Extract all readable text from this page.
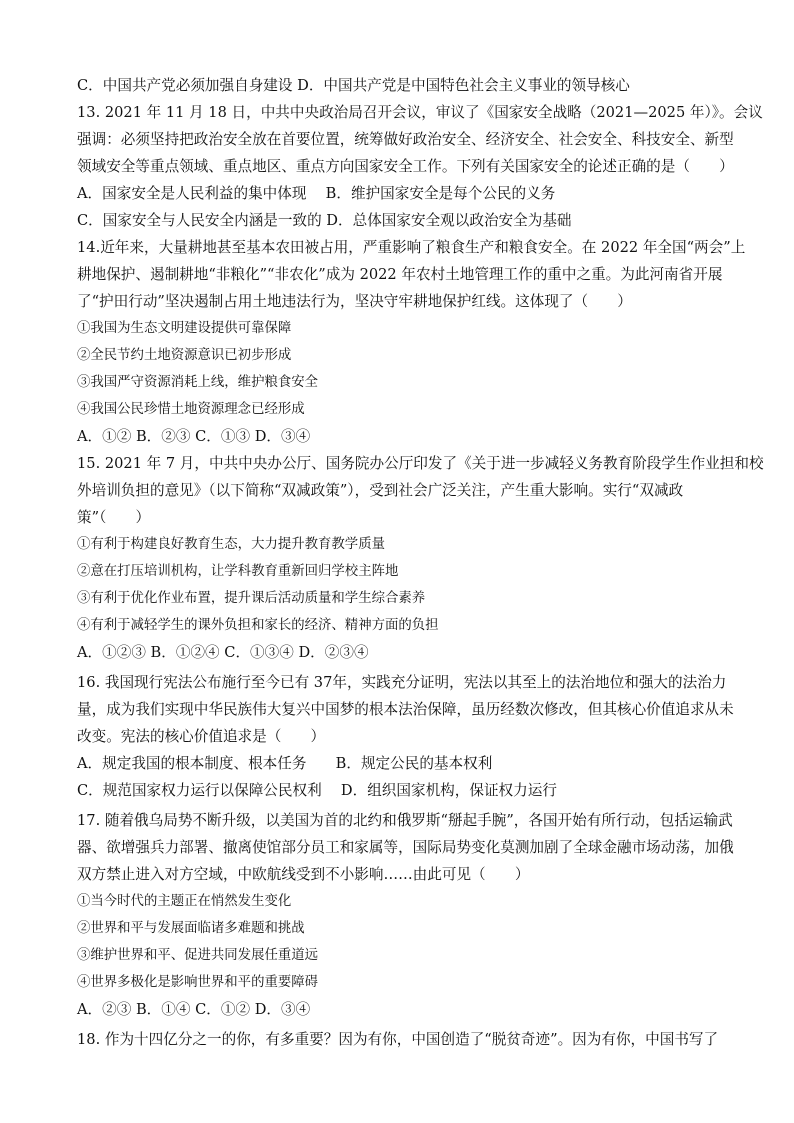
C．中国共产党必须加强自身建设 D．中国共产党是中国特色社会主义事业的领导核心
13. 2021 年 11 月 18 日，中共中央政治局召开会议，审议了《国家安全战略（2021—2025 年）》。会议
强调：必须坚持把政治安全放在首要位置，统筹做好政治安全、经济安全、社会安全、科技安全、新型
领域安全等重点领域、重点地区、重点方向国家安全工作。下列有关国家安全的论述正确的是（　　）
A．国家安全是人民利益的集中体现　 B．维护国家安全是每个公民的义务
C．国家安全与人民安全内涵是一致的 D．总体国家安全观以政治安全为基础
14.近年来，大量耕地甚至基本农田被占用，严重影响了粮食生产和粮食安全。在 2022 年全国“两会”上
耕地保护、遏制耕地“非粮化”“非农化”成为 2022 年农村土地管理工作的重中之重。为此河南省开展
了“护田行动”坚决遏制占用土地违法行为，坚决守牢耕地保护红线。这体现了（　　）
①我国为生态文明建设提供可靠保障
②全民节约土地资源意识已初步形成
③我国严守资源消耗上线，维护粮食安全
④我国公民珍惜土地资源理念已经形成
A．①② B．②③ C．①③ D．③④
15. 2021 年 7 月，中共中央办公厅、国务院办公厅印发了《关于进一步减轻义务教育阶段学生作业担和校
外培训负担的意见》（以下简称“双减政策”），受到社会广泛关注，产生重大影响。实行“双减政
策”（　　）
①有利于构建良好教育生态，大力提升教育教学质量
②意在打压培训机构，让学科教育重新回归学校主阵地
③有利于优化作业布置，提升课后活动质量和学生综合素养
④有利于减轻学生的课外负担和家长的经济、精神方面的负担
A．①②③ B．①②④ C．①③④ D．②③④
16. 我国现行宪法公布施行至今已有 37年，实践充分证明，宪法以其至上的法治地位和强大的法治力
量，成为我们实现中华民族伟大复兴中国梦的根本法治保障，虽历经数次修改，但其核心价值追求从未
改变。宪法的核心价值追求是（　　）
A．规定我国的根本制度、根本任务　　B．规定公民的基本权利
C．规范国家权力运行以保障公民权利　 D．组织国家机构，保证权力运行
17. 随着俄乌局势不断升级，以美国为首的北约和俄罗斯“掰起手腕”，各国开始有所行动，包括运输武
器、欲增强兵力部署、撤离使馆部分员工和家属等，国际局势变化莫测加剧了全球金融市场动荡，加俄
双方禁止进入对方空域，中欧航线受到不小影响……由此可见（　　）
①当今时代的主题正在悄然发生变化
②世界和平与发展面临诸多难题和挑战
③维护世界和平、促进共同发展任重道远
④世界多极化是影响世界和平的重要障碍
A．②③ B．①④ C．①② D．③④
18. 作为十四亿分之一的你，有多重要？因为有你，中国创造了“脱贫奇迹”。因为有你，中国书写了
